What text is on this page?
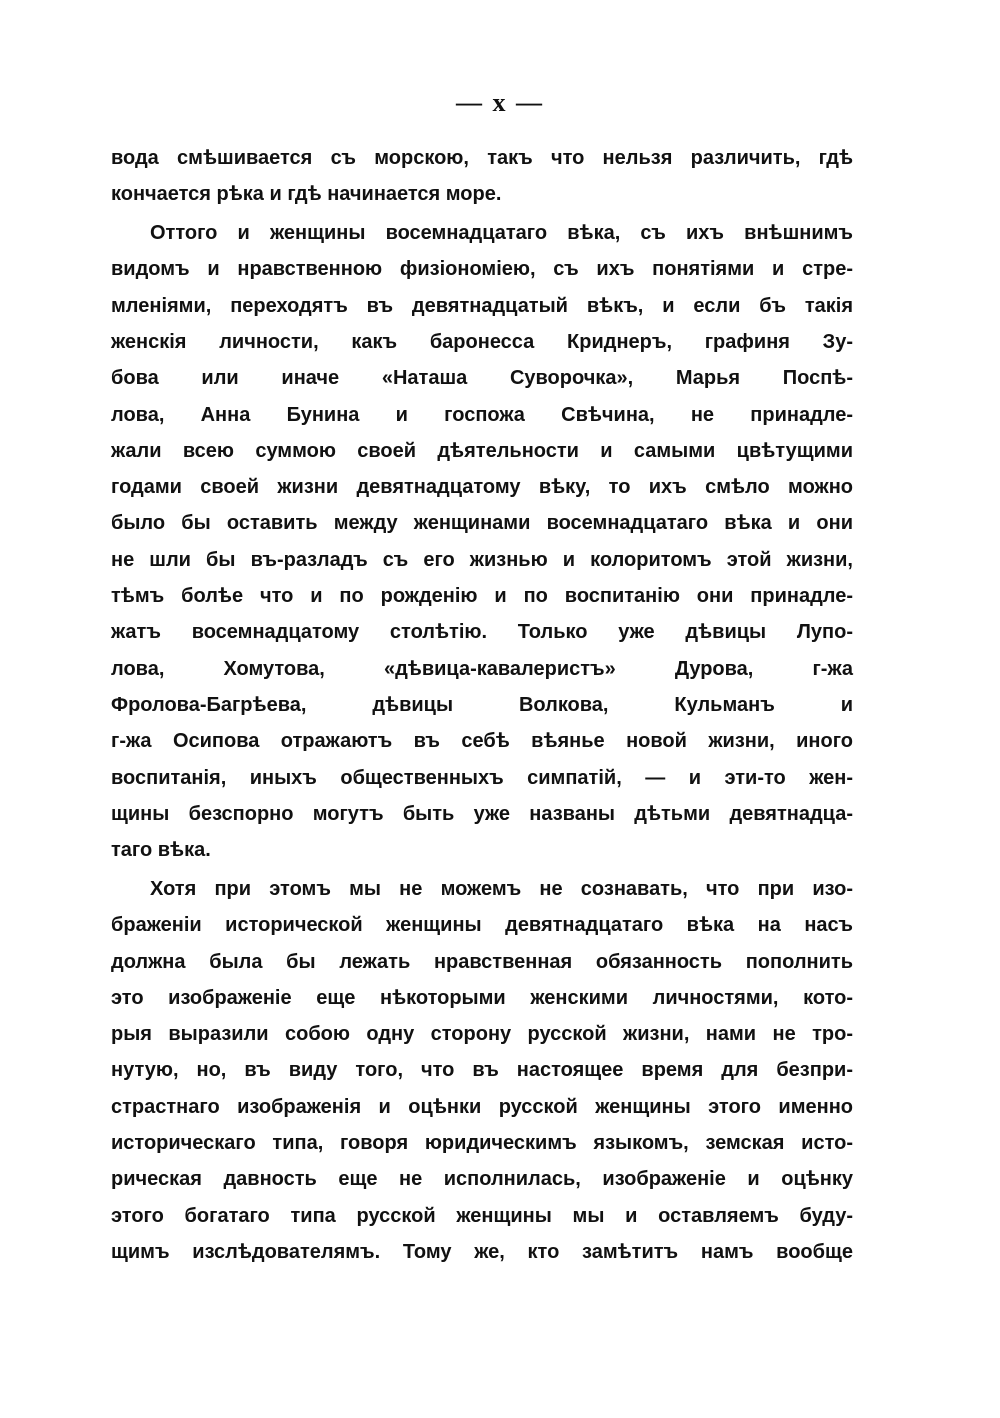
— x —
вода смѣшивается съ морскою, такъ что нельзя различить, гдѣ
кончается рѣка и гдѣ начинается море.
Оттого и женщины восемнадцатаго вѣка, съ ихъ внѣшнимъ
видомъ и нравственною физіономіею, съ ихъ понятіями и стре-
мленіями, переходятъ въ девятнадцатый вѣкъ, и если бъ такія
женскія личности, какъ баронесса Криднеръ, графиня Зу-
бова или иначе «Наташа Суворочка», Марья Поспѣ-
лова, Анна Бунина и госпожа Свѣчина, не принадле-
жали всею суммою своей дѣятельности и самыми цвѣтущими
годами своей жизни девятнадцатому вѣку, то ихъ смѣло можно
было бы оставить между женщинами восемнадцатаго вѣка и они
не шли бы въ-разладъ съ его жизнью и колоритомъ этой жизни,
тѣмъ болѣе что и по рожденію и по воспитанію они принадле-
жатъ восемнадцатому столѣтію. Только уже дѣвицы Лупо-
лова, Хомутова, «дѣвица-кавалеристъ» Дурова, г-жа
Фролова-Багрѣева, дѣвицы Волкова, Кульманъ и
г-жа Осипова отражаютъ въ себѣ вѣянье новой жизни, иного
воспитанія, иныхъ общественныхъ симпатій, — и эти-то жен-
щины безспорно могутъ быть уже названы дѣтьми девятнадца-
таго вѣка.
Хотя при этомъ мы не можемъ не сознавать, что при изо-
браженіи исторической женщины девятнадцатаго вѣка на насъ
должна была бы лежать нравственная обязанность пополнить
это изображеніе еще нѣкоторыми женскими личностями, кото-
рыя выразили собою одну сторону русской жизни, нами не тро-
нутую, но, въ виду того, что въ настоящее время для безпри-
страстнаго изображенія и оцѣнки русской женщины этого именно
историческаго типа, говоря юридическимъ языкомъ, земская исто-
рическая давность еще не исполнилась, изображеніе и оцѣнку
этого богатаго типа русской женщины мы и оставляемъ буду-
щимъ изслѣдователямъ. Тому же, кто замѣтитъ намъ вообще
